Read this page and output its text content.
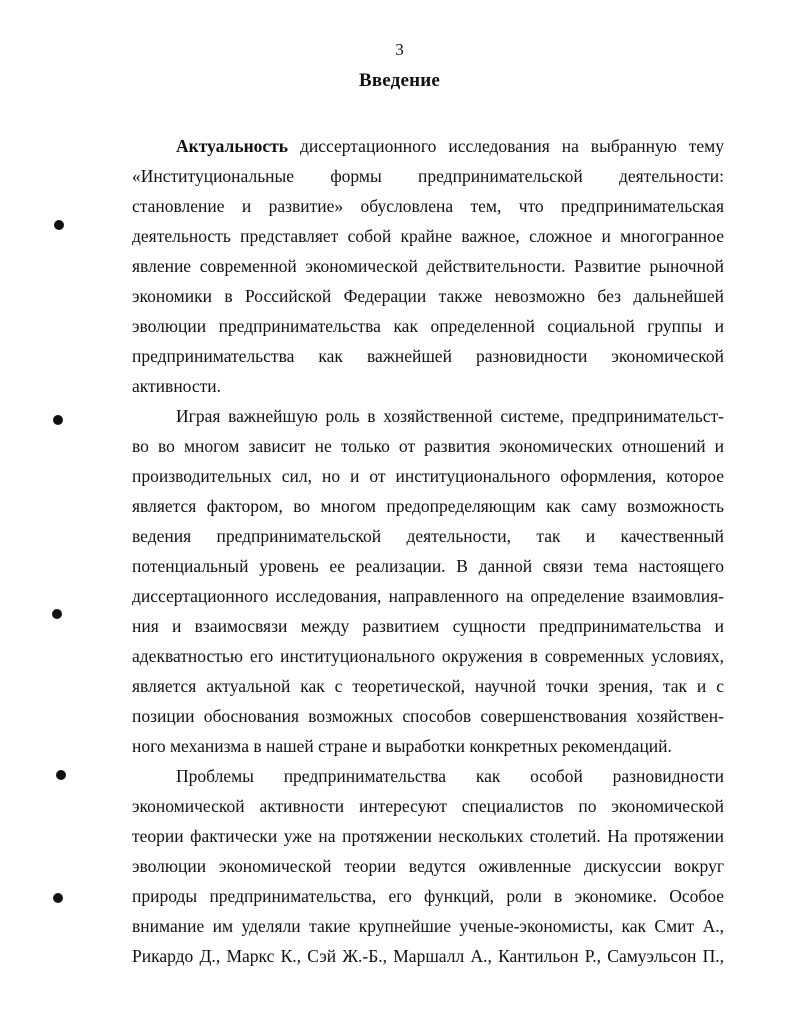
3
Введение
Актуальность диссертационного исследования на выбранную тему
«Институциональные формы предпринимательской деятельности:
становление и развитие» обусловлена тем, что предпринимательская
деятельность представляет собой крайне важное, сложное и многогранное
явление современной экономической действительности. Развитие рыночной
экономики в Российской Федерации также невозможно без дальнейшей
эволюции предпринимательства как определенной социальной группы и
предпринимательства как важнейшей разновидности экономической
активности.
Играя важнейшую роль в хозяйственной системе, предпринимательст-
во во многом зависит не только от развития экономических отношений и
производительных сил, но и от институционального оформления, которое
является фактором, во многом предопределяющим как саму возможность
ведения предпринимательской деятельности, так и качественный
потенциальный уровень ее реализации. В данной связи тема настоящего
диссертационного исследования, направленного на определение взаимовлия-
ния и взаимосвязи между развитием сущности предпринимательства и
адекватностью его институционального окружения в современных условиях,
является актуальной как с теоретической, научной точки зрения, так и с
позиции обоснования возможных способов совершенствования хозяйствен-
ного механизма в нашей стране и выработки конкретных рекомендаций.
Проблемы предпринимательства как особой разновидности
экономической активности интересуют специалистов по экономической
теории фактически уже на протяжении нескольких столетий. На протяжении
эволюции экономической теории ведутся оживленные дискуссии вокруг
природы предпринимательства, его функций, роли в экономике. Особое
внимание им уделяли такие крупнейшие ученые-экономисты, как Смит А.,
Рикардо Д., Маркс К., Сэй Ж.-Б., Маршалл А., Кантильон Р., Самуэльсон П.,
